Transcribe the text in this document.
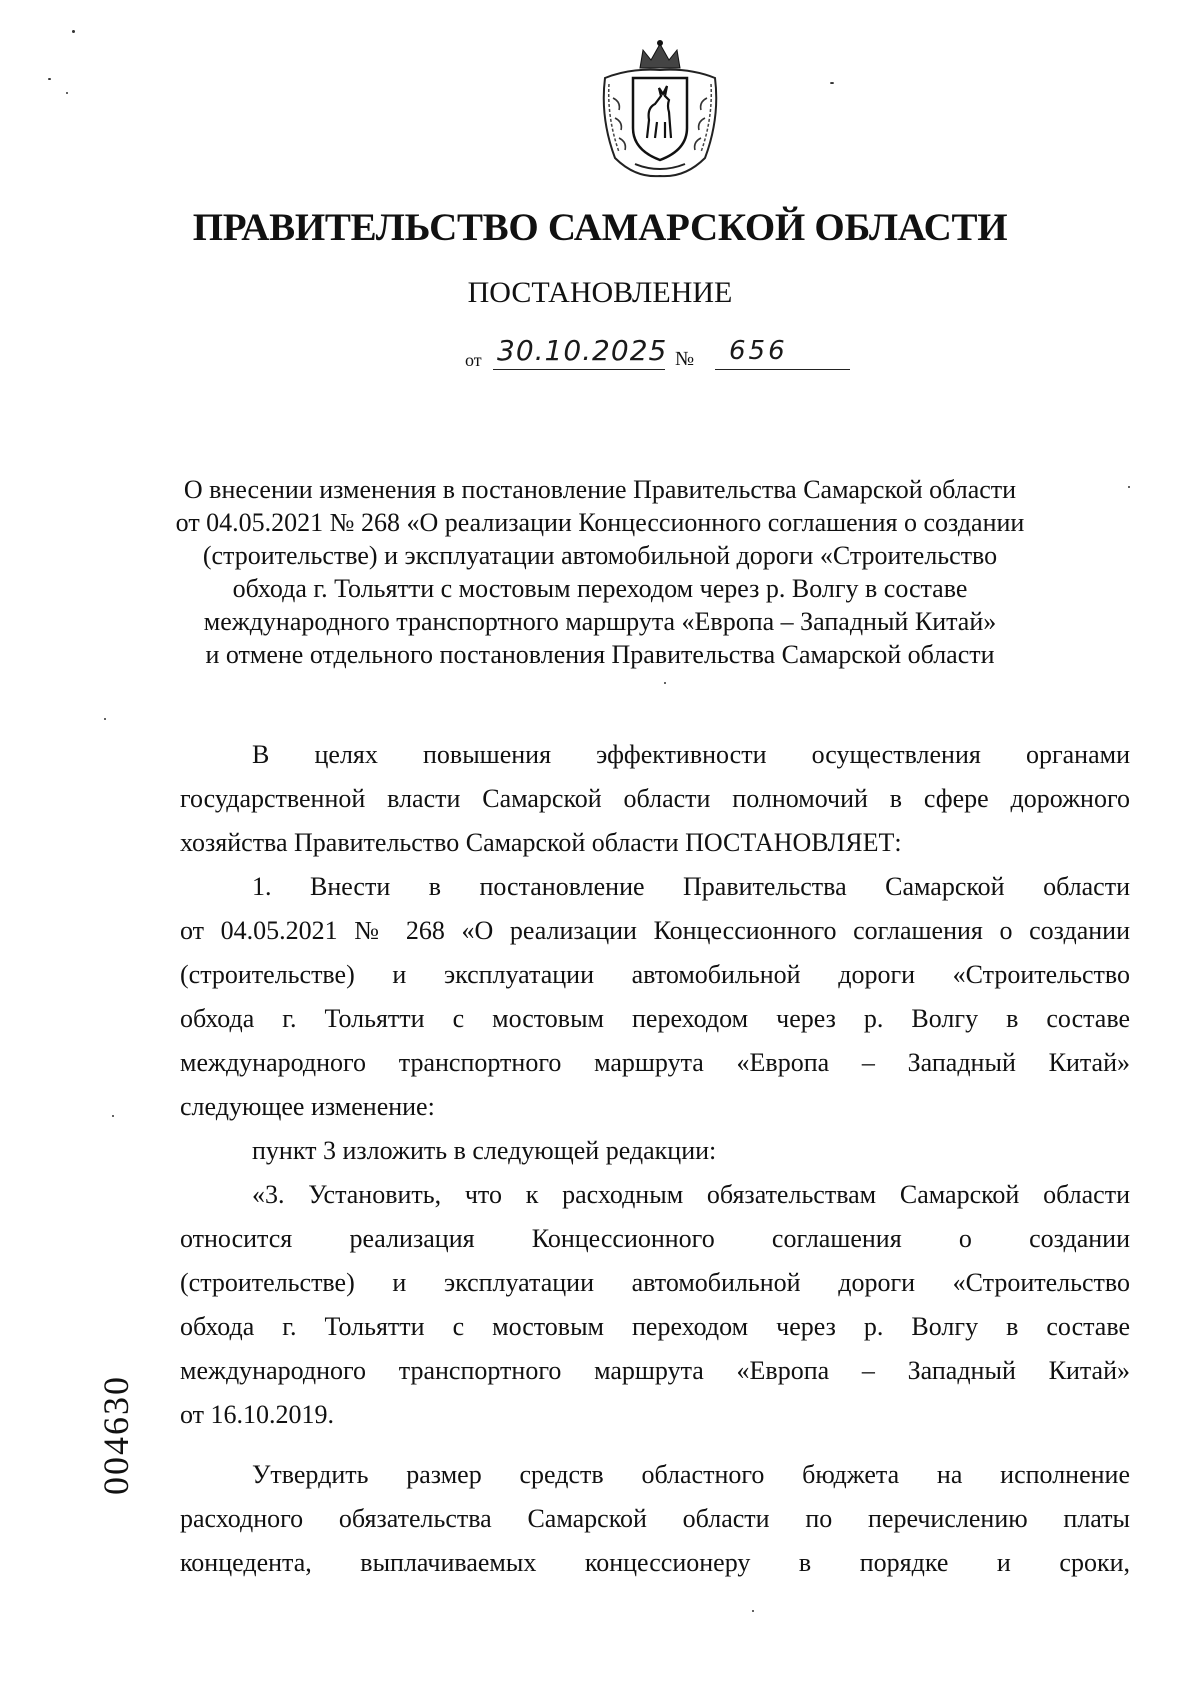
ПРАВИТЕЛЬСТВО САМАРСКОЙ ОБЛАСТИ
ПОСТАНОВЛЕНИЕ
от 30.10.2025 №	656
О внесении изменения в постановление Правительства Самарской области
от 04.05.2021 № 268 «О реализации Концессионного соглашения о создании
(строительстве) и эксплуатации автомобильной дороги «Строительство
обхода г. Тольятти с мостовым переходом через р. Волгу в составе
международного транспортного маршрута «Европа – Западный Китай»
и отмене отдельного постановления Правительства Самарской области
В целях повышения эффективности осуществления органами
государственной власти Самарской области полномочий в сфере дорожного
хозяйства Правительство Самарской области ПОСТАНОВЛЯЕТ:
1. Внести в постановление Правительства Самарской области
от 04.05.2021 № 268 «О реализации Концессионного соглашения о создании
(строительстве) и эксплуатации автомобильной дороги «Строительство
обхода г. Тольятти с мостовым переходом через р. Волгу в составе
международного транспортного маршрута «Европа – Западный Китай»
следующее изменение:
пункт 3 изложить в следующей редакции:
«3. Установить, что к расходным обязательствам Самарской области
относится реализация Концессионного соглашения о создании
(строительстве) и эксплуатации автомобильной дороги «Строительство
обхода г. Тольятти с мостовым переходом через р. Волгу в составе
международного транспортного маршрута «Европа – Западный Китай»
от 16.10.2019.
Утвердить размер средств областного бюджета на исполнение
расходного обязательства Самарской области по перечислению платы
концедента, выплачиваемых концессионеру в порядке и сроки,
004630
